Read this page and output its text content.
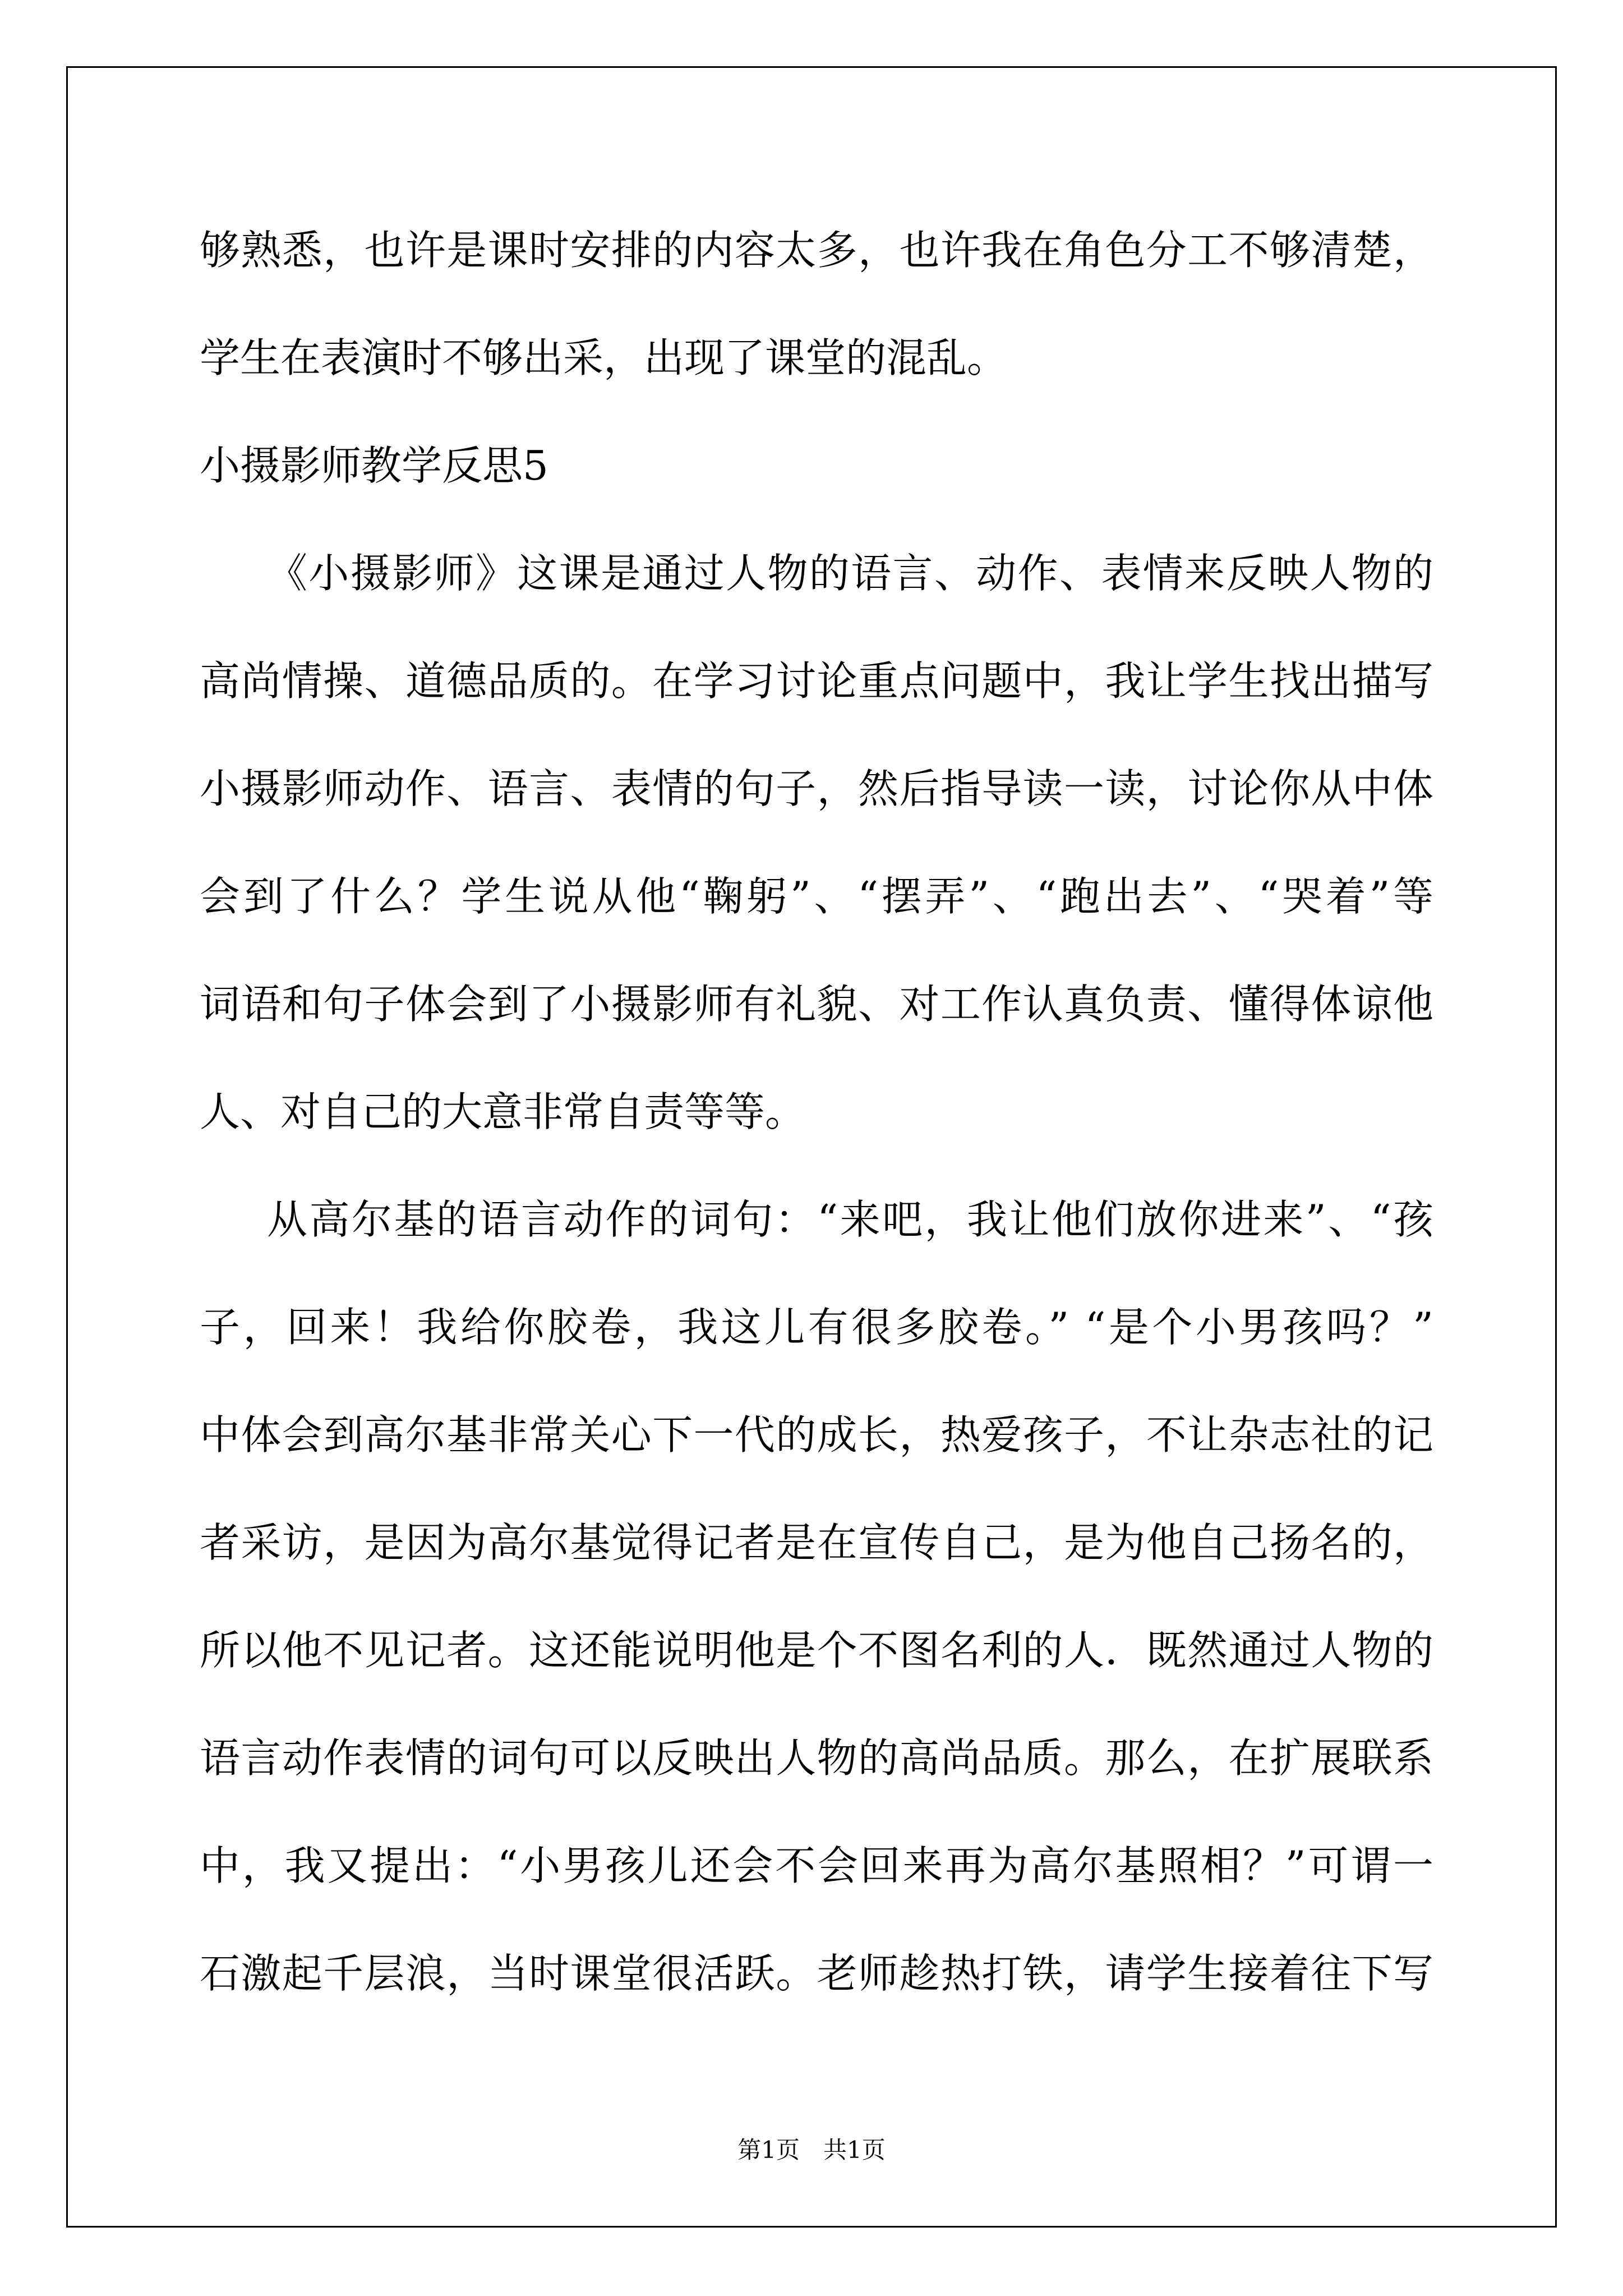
够熟悉，也许是课时安排的内容太多，也许我在角色分工不够清楚，
学生在表演时不够出采，出现了课堂的混乱。
小摄影师教学反思5
《小摄影师》这课是通过人物的语言、动作、表情来反映人物的
高尚情操、道德品质的。在学习讨论重点问题中，我让学生找出描写
小摄影师动作、语言、表情的句子，然后指导读一读，讨论你从中体
会到了什么？学生说从他“鞠躬”、“摆弄”、“跑出去”、“哭着”等
词语和句子体会到了小摄影师有礼貌、对工作认真负责、懂得体谅他
人、对自己的大意非常自责等等。
从高尔基的语言动作的词句：“来吧，我让他们放你进来”、“孩
子，回来！我给你胶卷，我这儿有很多胶卷。” “是个小男孩吗？”
中体会到高尔基非常关心下一代的成长，热爱孩子，不让杂志社的记
者采访，是因为高尔基觉得记者是在宣传自己，是为他自己扬名的，
所以他不见记者。这还能说明他是个不图名利的人．既然通过人物的
语言动作表情的词句可以反映出人物的高尚品质。那么，在扩展联系
中，我又提出：“小男孩儿还会不会回来再为高尔基照相？”可谓一
石激起千层浪，当时课堂很活跃。老师趁热打铁，请学生接着往下写
第1页　共1页
